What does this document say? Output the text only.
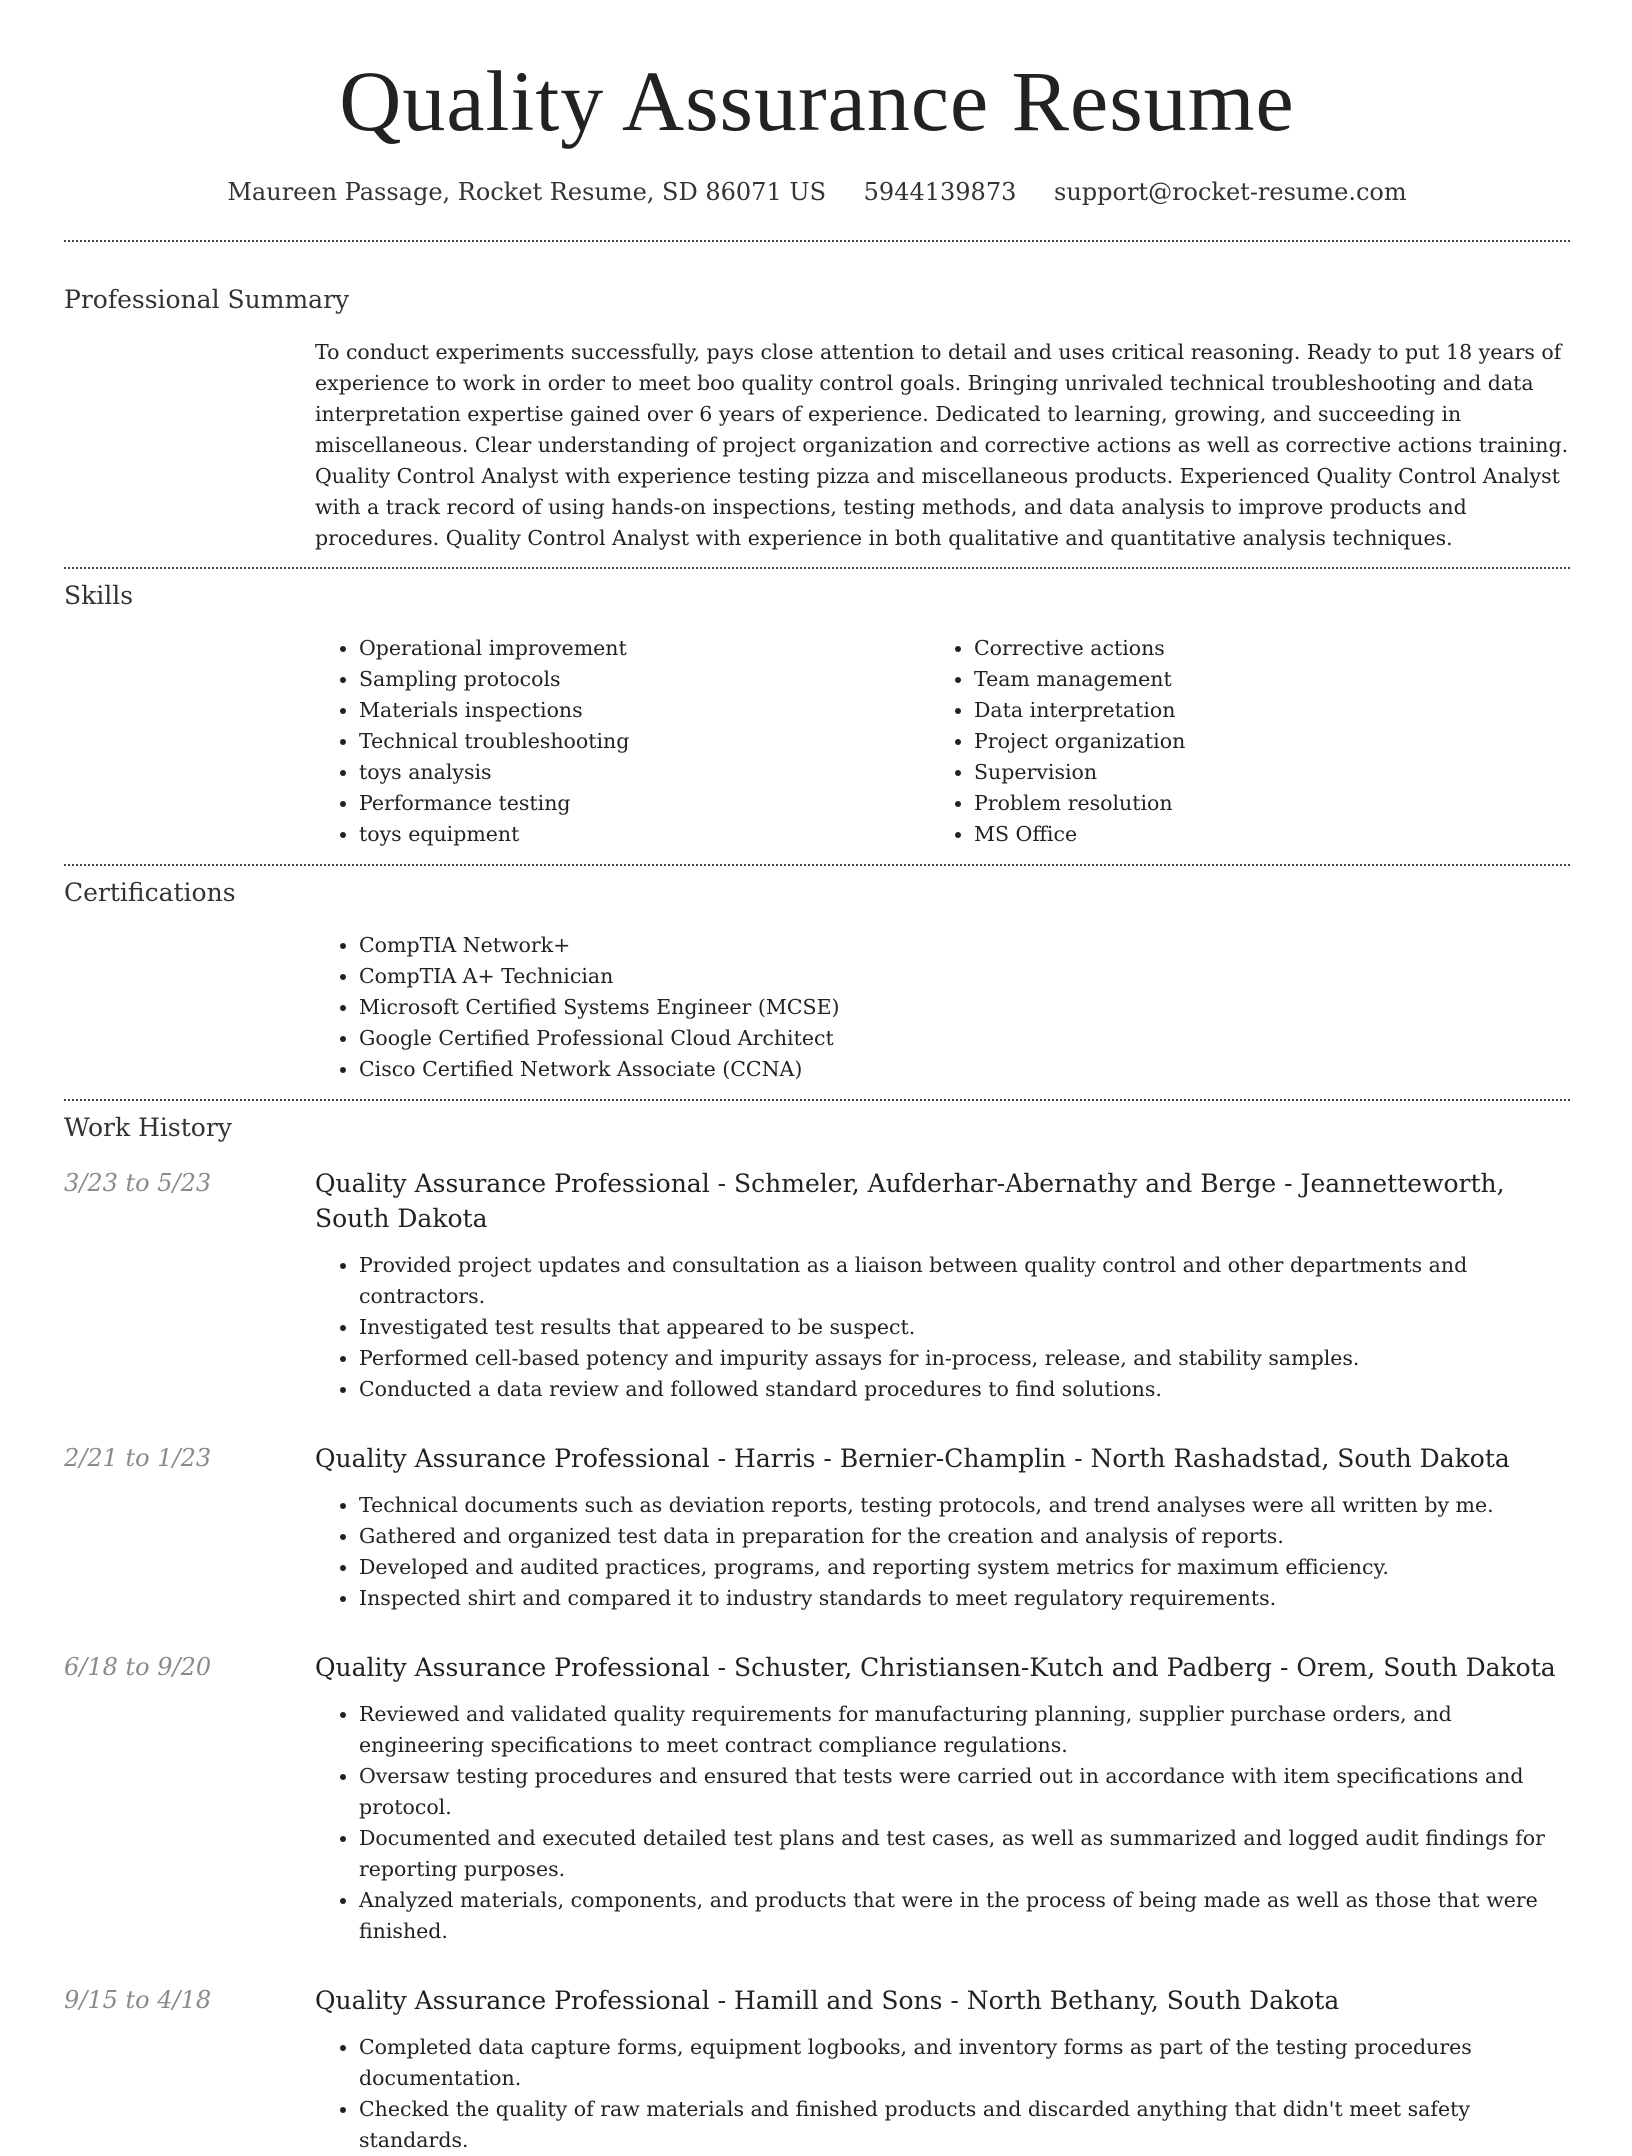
Quality Assurance Resume
Maureen Passage, Rocket Resume, SD 86071 US 5944139873 support@rocket-resume.com
Professional Summary
To conduct experiments successfully, pays close attention to detail and uses critical reasoning. Ready to put 18 years of experience to work in order to meet boo quality control goals. Bringing unrivaled technical troubleshooting and data interpretation expertise gained over 6 years of experience. Dedicated to learning, growing, and succeeding in miscellaneous. Clear understanding of project organization and corrective actions as well as corrective actions training. Quality Control Analyst with experience testing pizza and miscellaneous products. Experienced Quality Control Analyst with a track record of using hands-on inspections, testing methods, and data analysis to improve products and procedures. Quality Control Analyst with experience in both qualitative and quantitative analysis techniques.
Skills
• Operational improvement
• Sampling protocols
• Materials inspections
• Technical troubleshooting
• toys analysis
• Performance testing
• toys equipment
• Corrective actions
• Team management
• Data interpretation
• Project organization
• Supervision
• Problem resolution
• MS Office
Certifications
• CompTIA Network+
• CompTIA A+ Technician
• Microsoft Certified Systems Engineer (MCSE)
• Google Certified Professional Cloud Architect
• Cisco Certified Network Associate (CCNA)
Work History
3/23 to 5/23	Quality Assurance Professional - Schmeler, Aufderhar-Abernathy and Berge - Jeannetteworth, South Dakota
• Provided project updates and consultation as a liaison between quality control and other departments and contractors.
• Investigated test results that appeared to be suspect.
• Performed cell-based potency and impurity assays for in-process, release, and stability samples.
• Conducted a data review and followed standard procedures to find solutions.
2/21 to 1/23	Quality Assurance Professional - Harris - Bernier-Champlin - North Rashadstad, South Dakota
• Technical documents such as deviation reports, testing protocols, and trend analyses were all written by me.
• Gathered and organized test data in preparation for the creation and analysis of reports.
• Developed and audited practices, programs, and reporting system metrics for maximum efficiency.
• Inspected shirt and compared it to industry standards to meet regulatory requirements.
6/18 to 9/20	Quality Assurance Professional - Schuster, Christiansen-Kutch and Padberg - Orem, South Dakota
• Reviewed and validated quality requirements for manufacturing planning, supplier purchase orders, and engineering specifications to meet contract compliance regulations.
• Oversaw testing procedures and ensured that tests were carried out in accordance with item specifications and protocol.
• Documented and executed detailed test plans and test cases, as well as summarized and logged audit findings for reporting purposes.
• Analyzed materials, components, and products that were in the process of being made as well as those that were finished.
9/15 to 4/18	Quality Assurance Professional - Hamill and Sons - North Bethany, South Dakota
• Completed data capture forms, equipment logbooks, and inventory forms as part of the testing procedures documentation.
• Checked the quality of raw materials and finished products and discarded anything that didn't meet safety standards.
